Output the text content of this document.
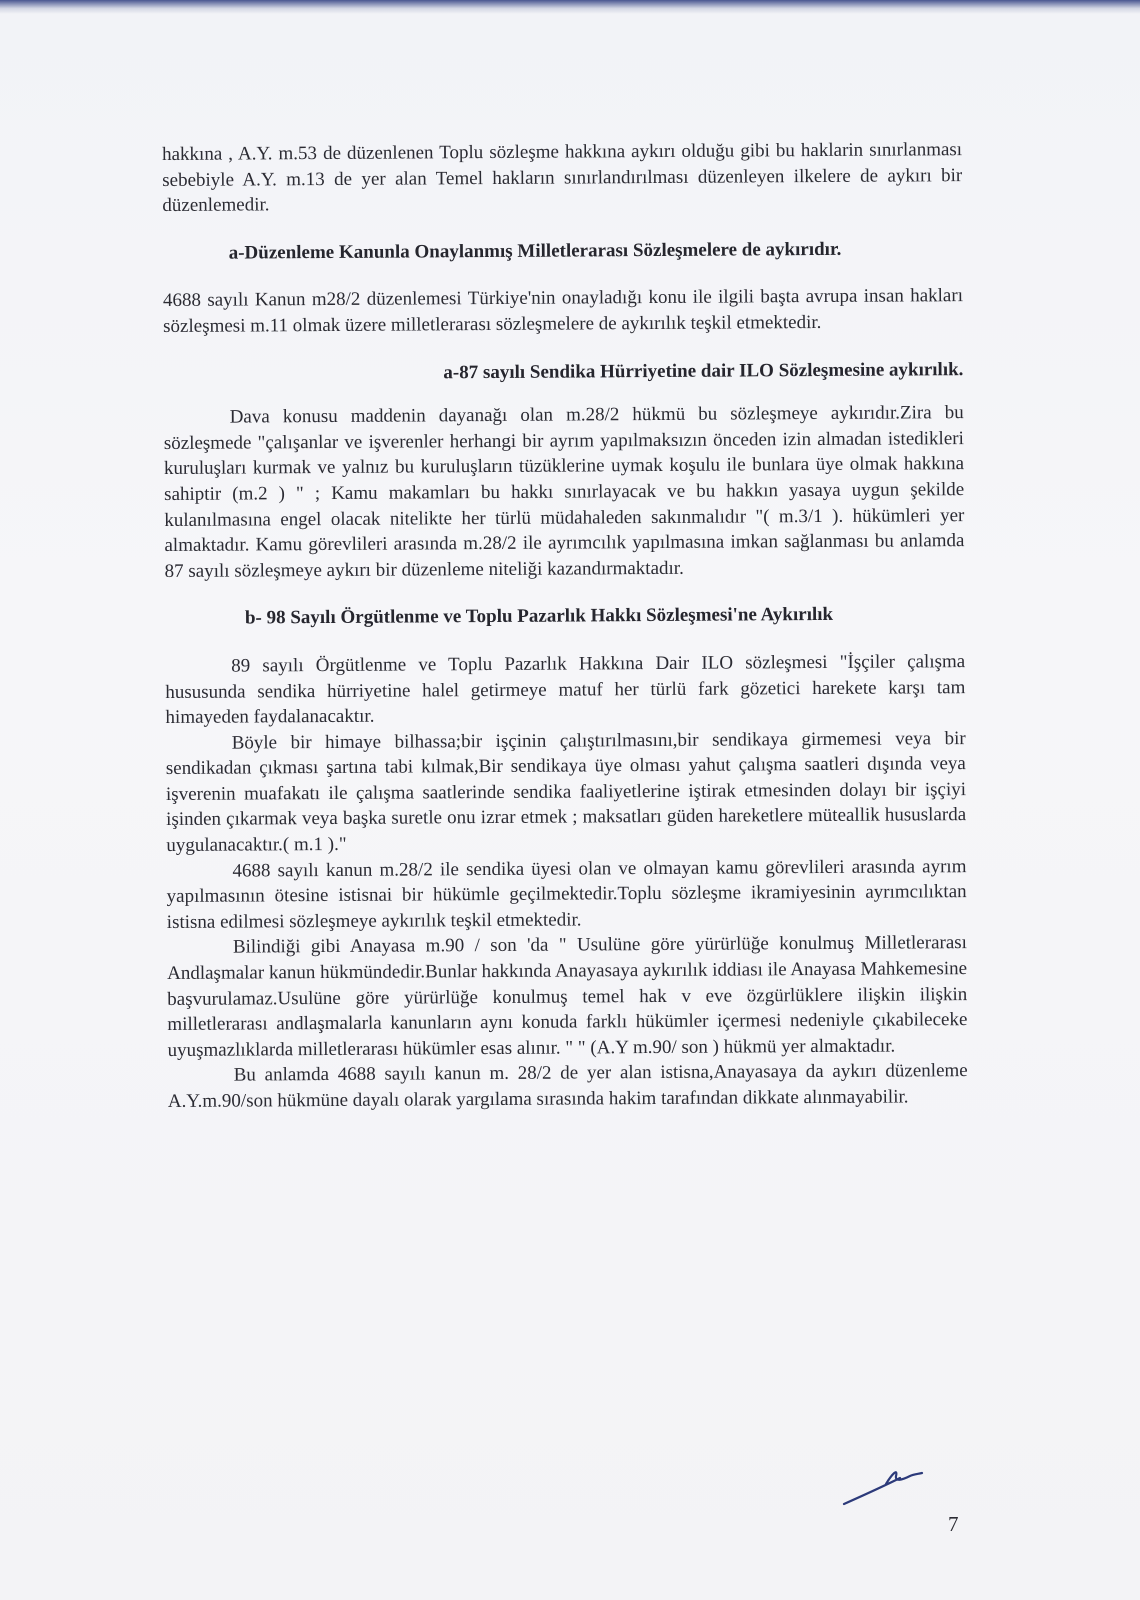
hakkına , A.Y. m.53 de düzenlenen Toplu sözleşme hakkına aykırı olduğu gibi bu haklarin sınırlanması sebebiyle A.Y. m.13 de yer alan Temel hakların sınırlandırılması düzenleyen ilkelere de aykırı bir düzenlemedir.

a-Düzenleme Kanunla Onaylanmış Milletlerarası Sözleşmelere de aykırıdır.

4688 sayılı Kanun m28/2 düzenlemesi Türkiye'nin onayladığı konu ile ilgili başta avrupa insan hakları sözleşmesi m.11 olmak üzere milletlerarası sözleşmelere de aykırılık teşkil etmektedir.

a-87 sayılı Sendika Hürriyetine dair ILO Sözleşmesine aykırılık.

Dava konusu maddenin dayanağı olan m.28/2 hükmü bu sözleşmeye aykırıdır.Zira bu sözleşmede "çalışanlar ve işverenler herhangi bir ayrım yapılmaksızın önceden izin almadan istedikleri kuruluşları kurmak ve yalnız bu kuruluşların tüzüklerine uymak koşulu ile bunlara üye olmak hakkına sahiptir (m.2 ) " ; Kamu makamları bu hakkı sınırlayacak ve bu hakkın yasaya uygun şekilde kulanılmasına engel olacak nitelikte her türlü müdahaleden sakınmalıdır "( m.3/1 ). hükümleri yer almaktadır. Kamu görevlileri arasında m.28/2 ile ayrımcılık yapılmasına imkan sağlanması bu anlamda 87 sayılı sözleşmeye aykırı bir düzenleme niteliği kazandırmaktadır.

b- 98 Sayılı Örgütlenme ve Toplu Pazarlık Hakkı Sözleşmesi'ne Aykırılık

89 sayılı Örgütlenme ve Toplu Pazarlık Hakkına Dair ILO sözleşmesi "İşçiler çalışma hususunda sendika hürriyetine halel getirmeye matuf her türlü fark gözetici harekete karşı tam himayeden faydalanacaktır.

Böyle bir himaye bilhassa;bir işçinin çalıştırılmasını,bir sendikaya girmemesi veya bir sendikadan çıkması şartına tabi kılmak,Bir sendikaya üye olması yahut çalışma saatleri dışında veya işverenin muafakatı ile çalışma saatlerinde sendika faaliyetlerine iştirak etmesinden dolayı bir işçiyi işinden çıkarmak veya başka suretle onu izrar etmek ; maksatları güden hareketlere müteallik hususlarda uygulanacaktır.( m.1 )."

4688 sayılı kanun m.28/2 ile sendika üyesi olan ve olmayan kamu görevlileri arasında ayrım yapılmasının ötesine istisnai bir hükümle geçilmektedir.Toplu sözleşme ikramiyesinin ayrımcılıktan istisna edilmesi sözleşmeye aykırılık teşkil etmektedir.

Bilindiği gibi Anayasa m.90 / son 'da " Usulüne göre yürürlüğe konulmuş Milletlerarası Andlaşmalar kanun hükmündedir.Bunlar hakkında Anayasaya aykırılık iddiası ile Anayasa Mahkemesine başvurulamaz.Usulüne göre yürürlüğe konulmuş temel hak v eve özgürlüklere ilişkin ilişkin milletlerarası andlaşmalarla kanunların aynı konuda farklı hükümler içermesi nedeniyle çıkabileceke uyuşmazlıklarda milletlerarası hükümler esas alınır. " " (A.Y m.90/ son ) hükmü yer almaktadır.

Bu anlamda 4688 sayılı kanun m. 28/2 de yer alan istisna,Anayasaya da aykırı düzenleme A.Y.m.90/son hükmüne dayalı olarak yargılama sırasında hakim tarafından dikkate alınmayabilir.

7
